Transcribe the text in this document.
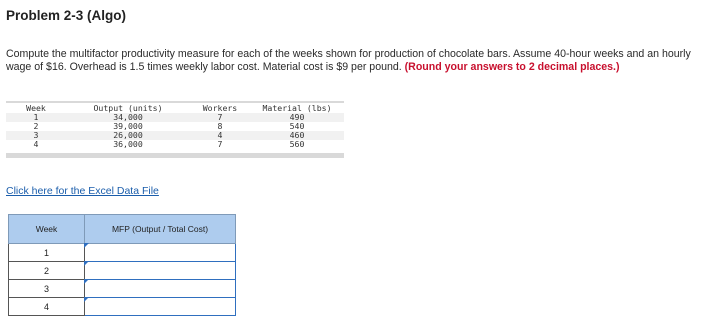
Problem 2-3 (Algo)
Compute the multifactor productivity measure for each of the weeks shown for production of chocolate bars. Assume 40-hour weeks and an hourly wage of $16. Overhead is 1.5 times weekly labor cost. Material cost is $9 per pound. (Round your answers to 2 decimal places.)
Week	Output (units)	Workers	Material (lbs)
1	34,000	7	490
2	39,000	8	540
3	26,000	4	460
4	36,000	7	560
Click here for the Excel Data File
Week	MFP (Output / Total Cost)
1	

2	

3	

4	
